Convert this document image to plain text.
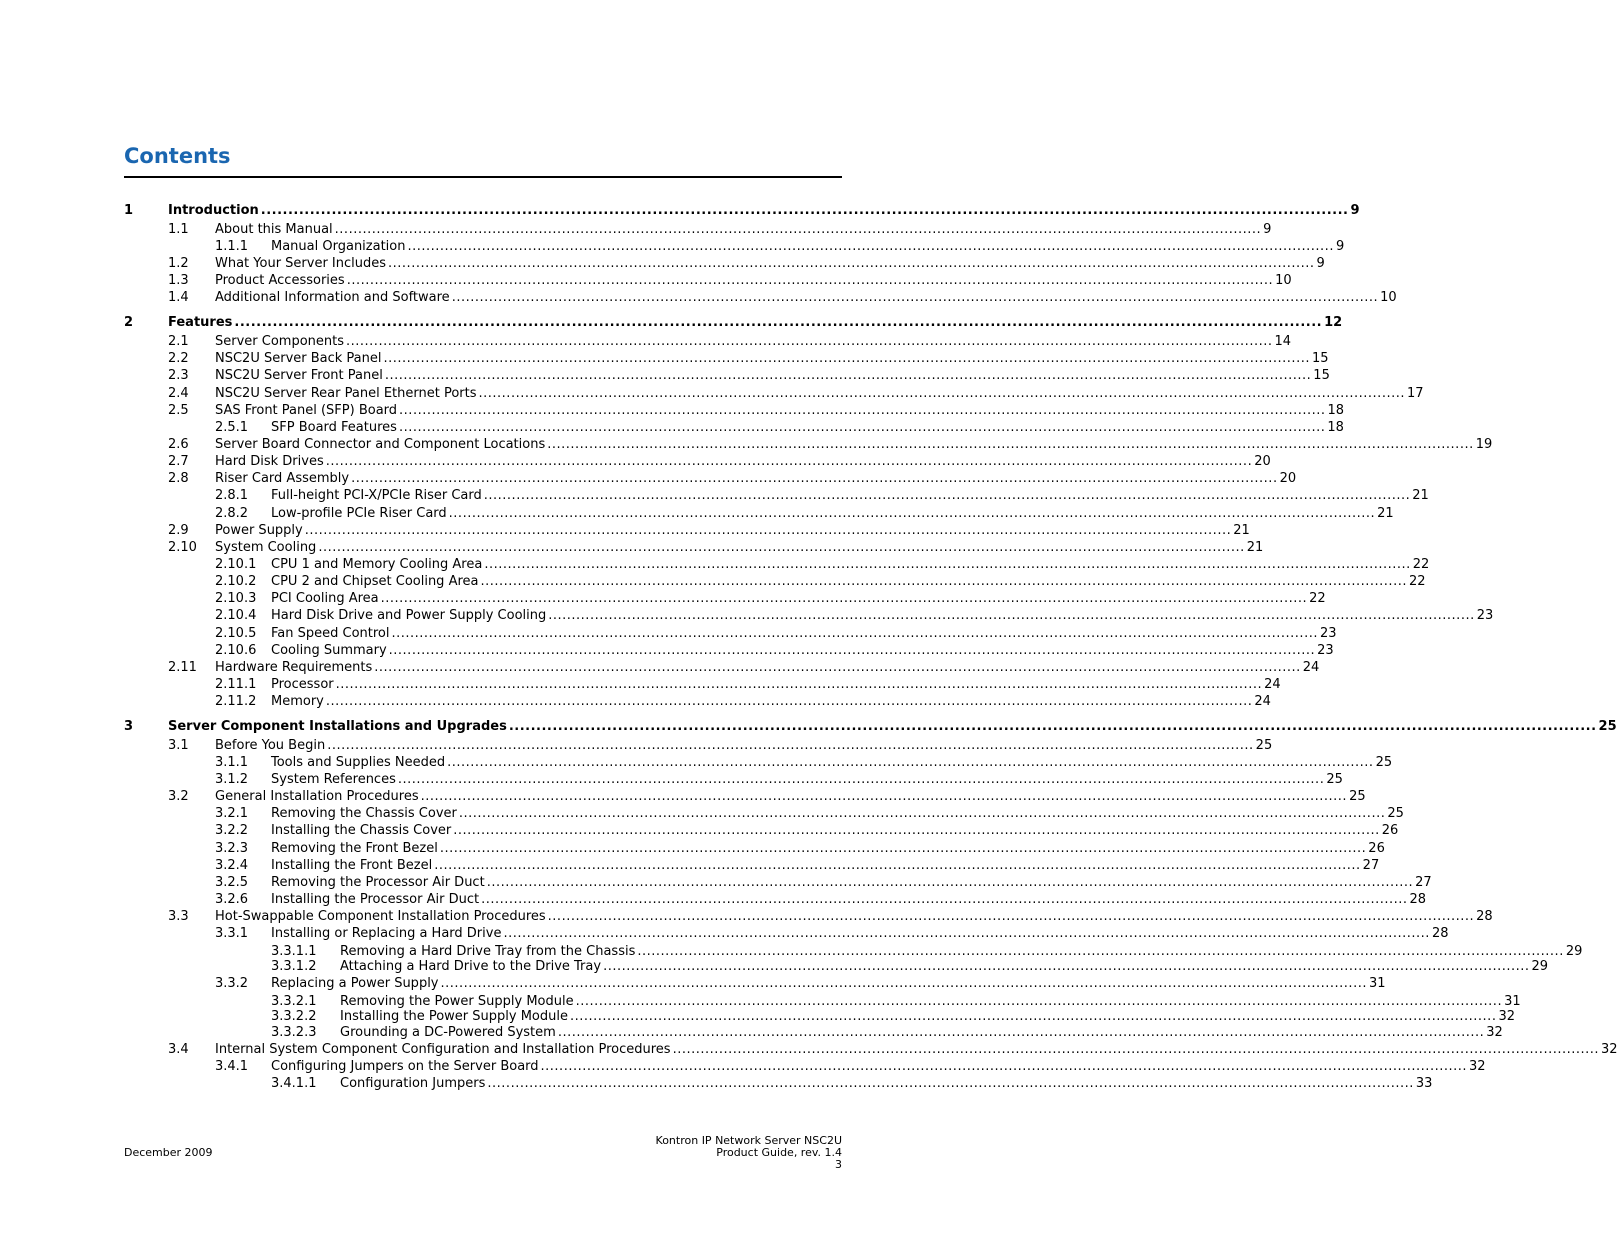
Contents
1	Introduction ........................................................................................................................................................................................................ 9
1.1 About this Manual ........................................................................................................................................................................................................ 9
1.1.1 Manual Organization ........................................................................................................................................................................................................ 9
1.2 What Your Server Includes ........................................................................................................................................................................................................ 9
1.3 Product Accessories ........................................................................................................................................................................................................ 10
1.4 Additional Information and Software ........................................................................................................................................................................................................ 10
2	Features ........................................................................................................................................................................................................ 12
2.1 Server Components ........................................................................................................................................................................................................ 14
2.2 NSC2U Server Back Panel ........................................................................................................................................................................................................ 15
2.3 NSC2U Server Front Panel ........................................................................................................................................................................................................ 15
2.4 NSC2U Server Rear Panel Ethernet Ports ........................................................................................................................................................................................................ 17
2.5 SAS Front Panel (SFP) Board ........................................................................................................................................................................................................ 18
2.5.1 SFP Board Features ........................................................................................................................................................................................................ 18
2.6 Server Board Connector and Component Locations ........................................................................................................................................................................................................ 19
2.7 Hard Disk Drives ........................................................................................................................................................................................................ 20
2.8 Riser Card Assembly ........................................................................................................................................................................................................ 20
2.8.1 Full-height PCI-X/PCIe Riser Card ........................................................................................................................................................................................................ 21
2.8.2 Low-profile PCIe Riser Card ........................................................................................................................................................................................................ 21
2.9 Power Supply ........................................................................................................................................................................................................ 21
2.10 System Cooling ........................................................................................................................................................................................................ 21
2.10.1 CPU 1 and Memory Cooling Area ........................................................................................................................................................................................................ 22
2.10.2 CPU 2 and Chipset Cooling Area ........................................................................................................................................................................................................ 22
2.10.3 PCI Cooling Area ........................................................................................................................................................................................................ 22
2.10.4 Hard Disk Drive and Power Supply Cooling ........................................................................................................................................................................................................ 23
2.10.5 Fan Speed Control ........................................................................................................................................................................................................ 23
2.10.6 Cooling Summary ........................................................................................................................................................................................................ 23
2.11 Hardware Requirements ........................................................................................................................................................................................................ 24
2.11.1 Processor ........................................................................................................................................................................................................ 24
2.11.2 Memory ........................................................................................................................................................................................................ 24
3	Server Component Installations and Upgrades ........................................................................................................................................................................................................ 25
3.1 Before You Begin ........................................................................................................................................................................................................ 25
3.1.1 Tools and Supplies Needed ........................................................................................................................................................................................................ 25
3.1.2 System References ........................................................................................................................................................................................................ 25
3.2 General Installation Procedures ........................................................................................................................................................................................................ 25
3.2.1 Removing the Chassis Cover ........................................................................................................................................................................................................ 25
3.2.2 Installing the Chassis Cover ........................................................................................................................................................................................................ 26
3.2.3 Removing the Front Bezel ........................................................................................................................................................................................................ 26
3.2.4 Installing the Front Bezel ........................................................................................................................................................................................................ 27
3.2.5 Removing the Processor Air Duct ........................................................................................................................................................................................................ 27
3.2.6 Installing the Processor Air Duct ........................................................................................................................................................................................................ 28
3.3 Hot-Swappable Component Installation Procedures ........................................................................................................................................................................................................ 28
3.3.1 Installing or Replacing a Hard Drive ........................................................................................................................................................................................................ 28
3.3.1.1 Removing a Hard Drive Tray from the Chassis ........................................................................................................................................................................................................ 29
3.3.1.2 Attaching a Hard Drive to the Drive Tray ........................................................................................................................................................................................................ 29
3.3.2 Replacing a Power Supply ........................................................................................................................................................................................................ 31
3.3.2.1 Removing the Power Supply Module ........................................................................................................................................................................................................ 31
3.3.2.2 Installing the Power Supply Module ........................................................................................................................................................................................................ 32
3.3.2.3 Grounding a DC-Powered System ........................................................................................................................................................................................................ 32
3.4 Internal System Component Configuration and Installation Procedures ........................................................................................................................................................................................................ 32
3.4.1 Configuring Jumpers on the Server Board ........................................................................................................................................................................................................ 32
3.4.1.1 Configuration Jumpers ........................................................................................................................................................................................................ 33
December 2009
Kontron IP Network Server NSC2U
Product Guide, rev. 1.4
3
